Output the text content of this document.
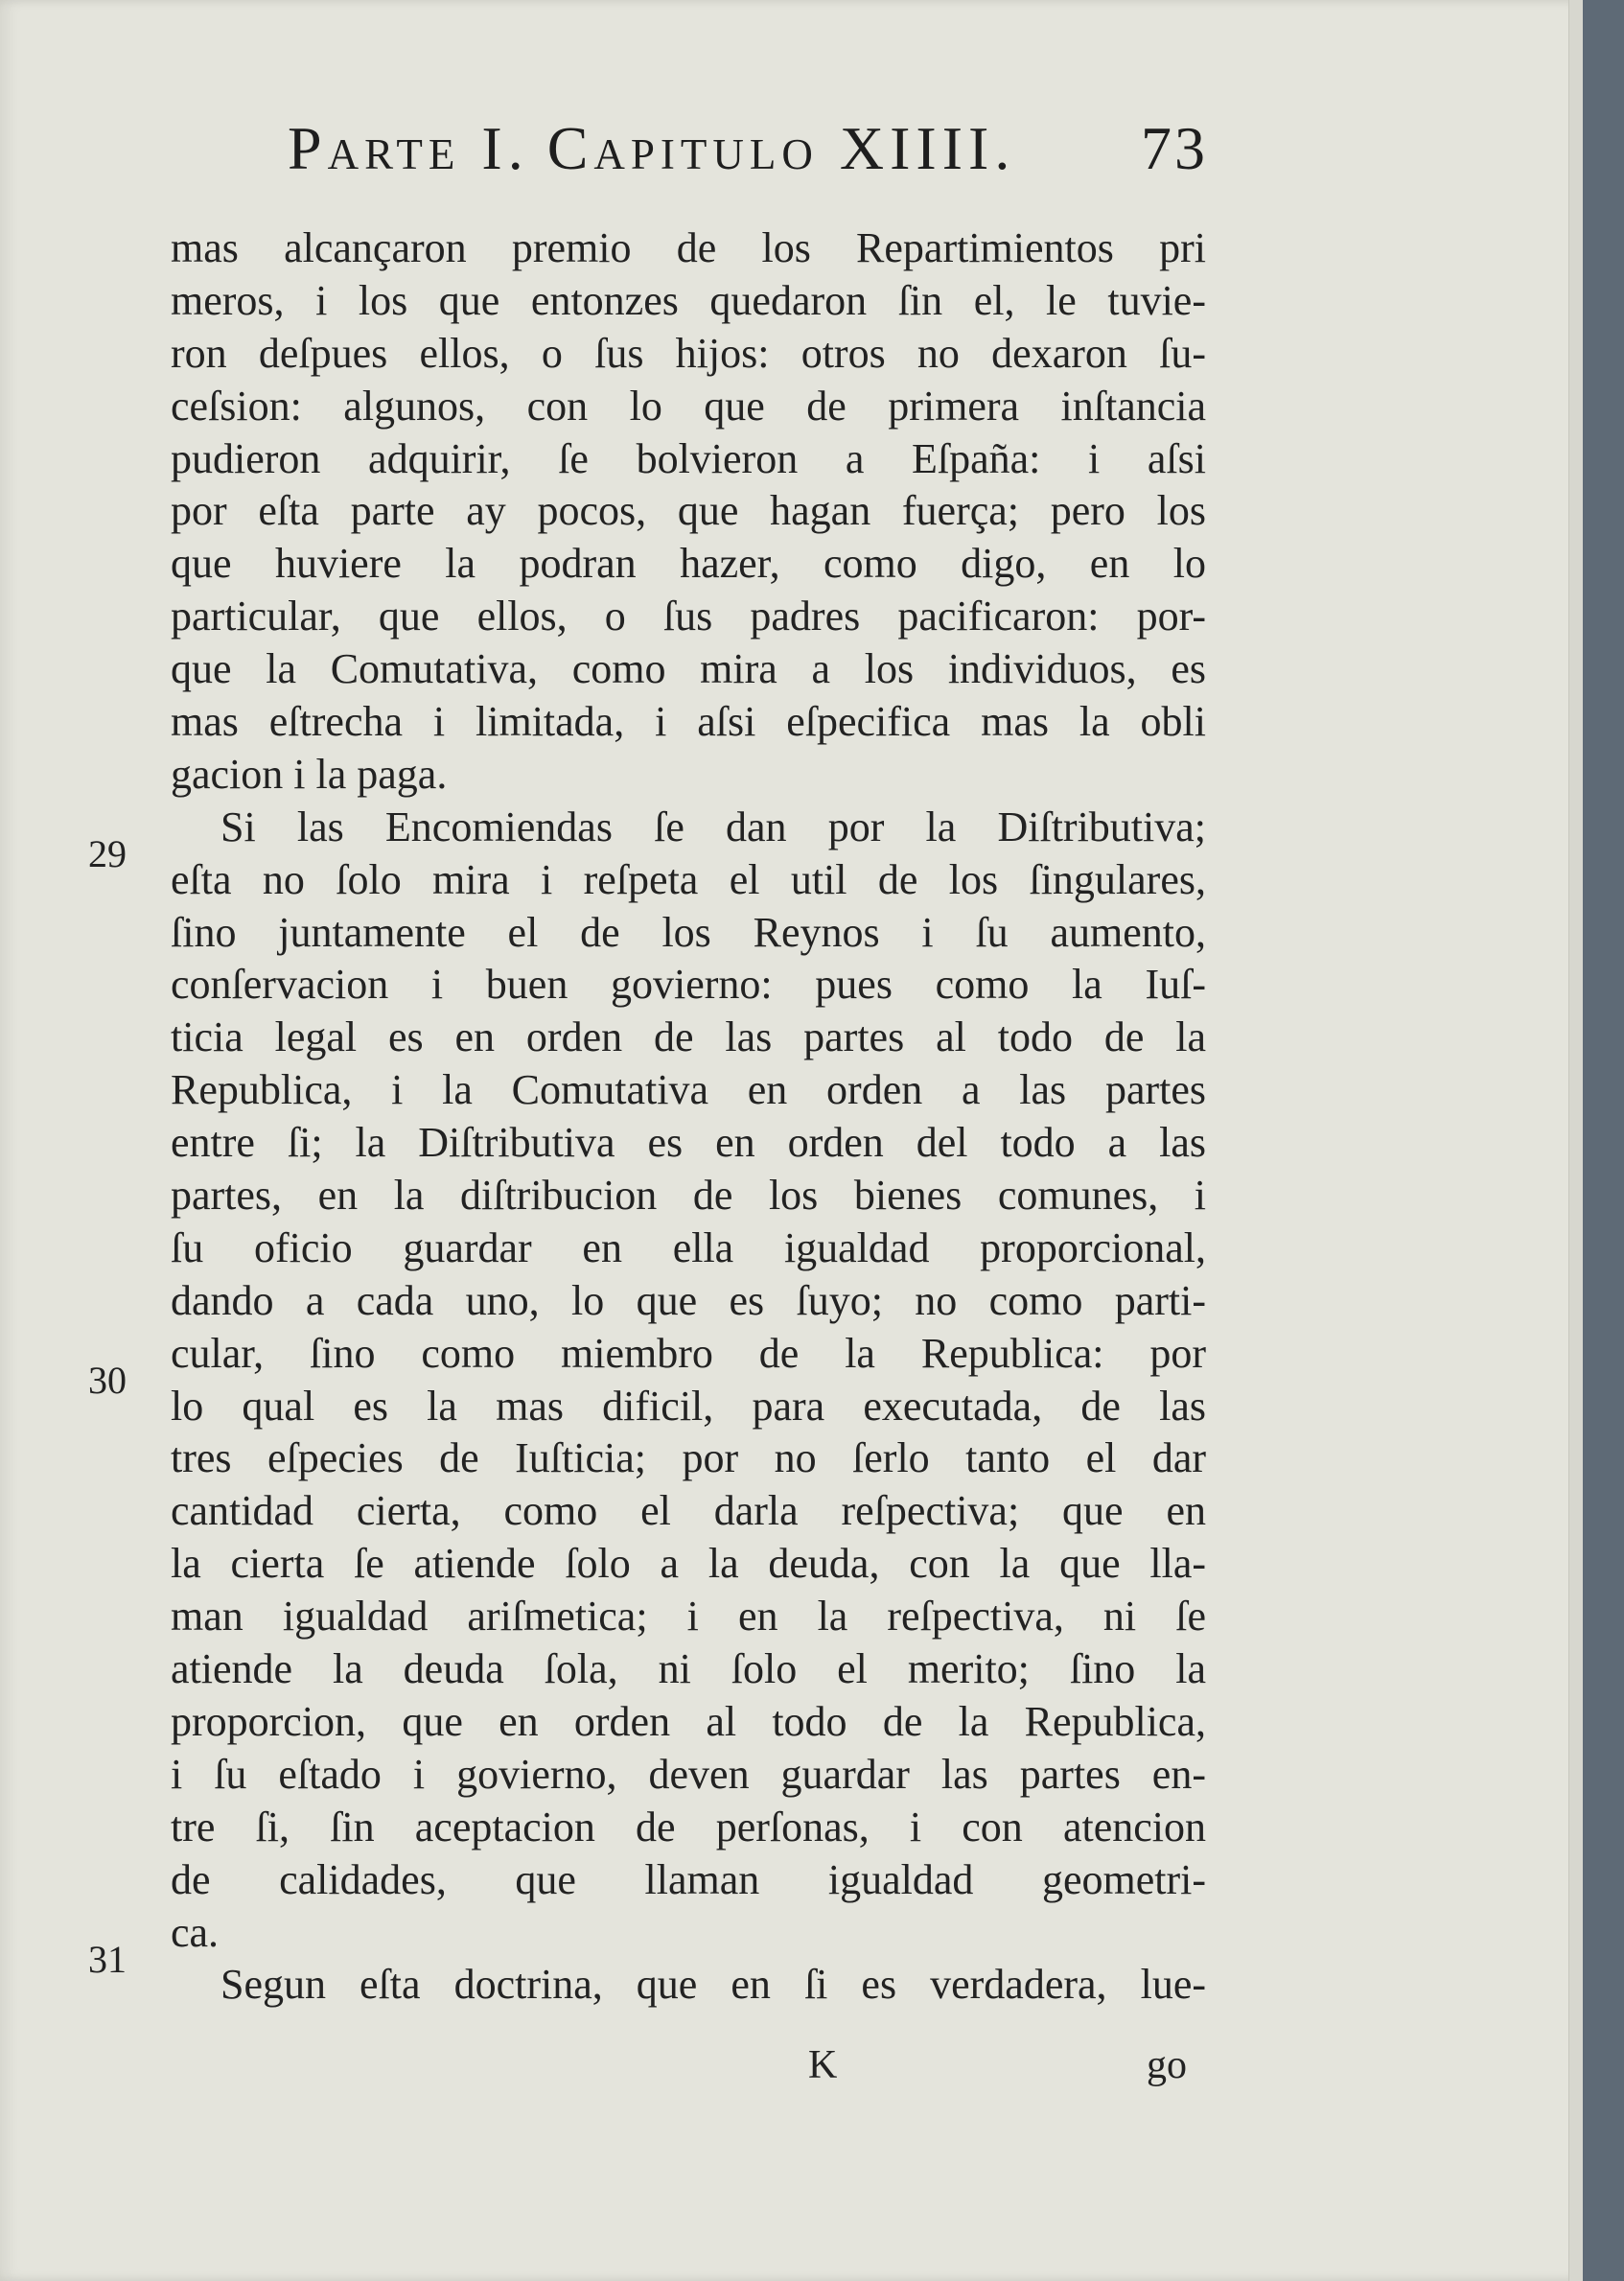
Parte I. Capitulo XIIII. 73
29
30
31
mas alcançaron premio de los Repartimientos pri
meros, i los que entonzes quedaron ſin el, le tuvie-
ron deſpues ellos, o ſus hijos: otros no dexaron ſu-
ceſsion: algunos, con lo que de primera inſtancia
pudieron adquirir, ſe bolvieron a Eſpaña: i aſsi
por eſta parte ay pocos, que hagan fuerça; pero los
que huviere la podran hazer, como digo, en lo
particular, que ellos, o ſus padres pacificaron: por-
que la Comutativa, como mira a los individuos, es
mas eſtrecha i limitada, i aſsi eſpecifica mas la obli
gacion i la paga.
Si las Encomiendas ſe dan por la Diſtributiva;
eſta no ſolo mira i reſpeta el util de los ſingulares,
ſino juntamente el de los Reynos i ſu aumento,
conſervacion i buen govierno: pues como la Iuſ-
ticia legal es en orden de las partes al todo de la
Republica, i la Comutativa en orden a las partes
entre ſi; la Diſtributiva es en orden del todo a las
partes, en la diſtribucion de los bienes comunes, i
ſu oficio guardar en ella igualdad proporcional,
dando a cada uno, lo que es ſuyo; no como parti-
cular, ſino como miembro de la Republica: por
lo qual es la mas dificil, para executada, de las
tres eſpecies de Iuſticia; por no ſerlo tanto el dar
cantidad cierta, como el darla reſpectiva; que en
la cierta ſe atiende ſolo a la deuda, con la que lla-
man igualdad ariſmetica; i en la reſpectiva, ni ſe
atiende la deuda ſola, ni ſolo el merito; ſino la
proporcion, que en orden al todo de la Republica,
i ſu eſtado i govierno, deven guardar las partes en-
tre ſi, ſin aceptacion de perſonas, i con atencion
de calidades, que llaman igualdad geometri-
ca.
Segun eſta doctrina, que en ſi es verdadera, lue-
K	go
